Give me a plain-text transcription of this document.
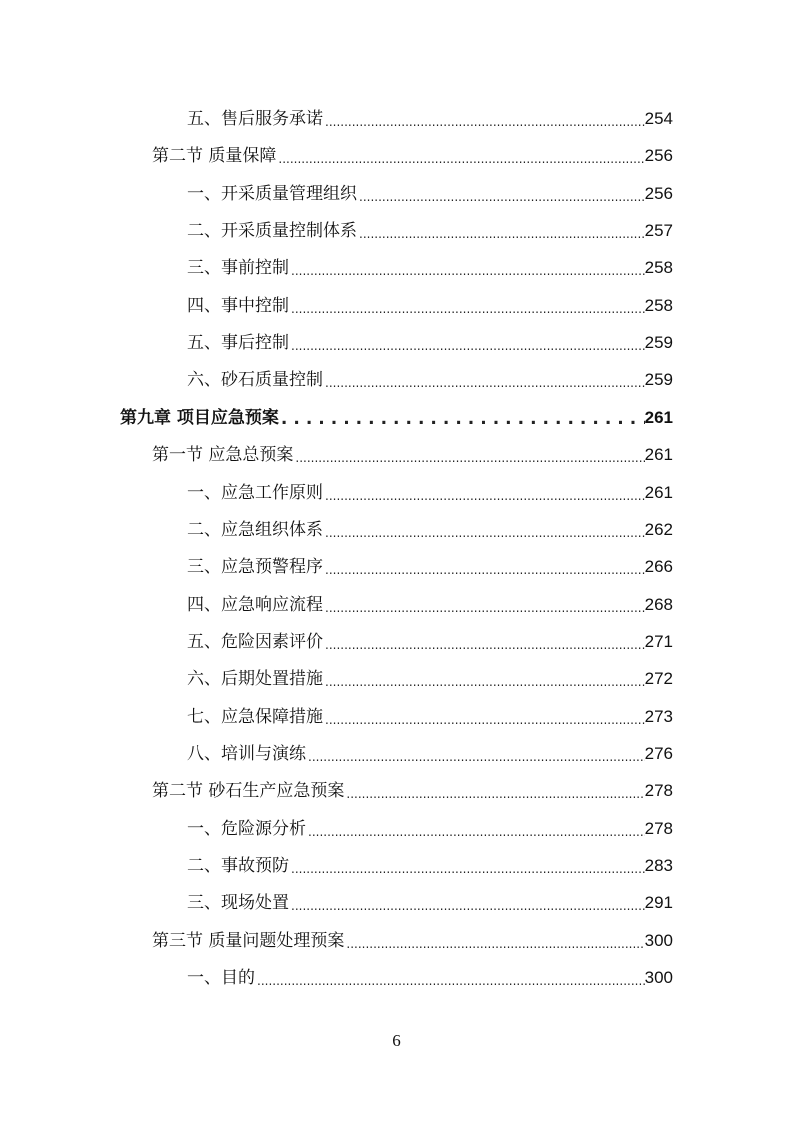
五、售后服务承诺 .....	254
第二节 质量保障 .....	256
一、开采质量管理组织 .....	256
二、开采质量控制体系 .....	257
三、事前控制 .....	258
四、事中控制 .....	258
五、事后控制 .....	259
六、砂石质量控制 .....	259
第九章 项目应急预案 .....	261
第一节 应急总预案 .....	261
一、应急工作原则 .....	261
二、应急组织体系 .....	262
三、应急预警程序 .....	266
四、应急响应流程 .....	268
五、危险因素评价 .....	271
六、后期处置措施 .....	272
七、应急保障措施 .....	273
八、培训与演练 .....	276
第二节 砂石生产应急预案 .....	278
一、危险源分析 .....	278
二、事故预防 .....	283
三、现场处置 .....	291
第三节 质量问题处理预案 .....	300
一、目的 .....	300
6
